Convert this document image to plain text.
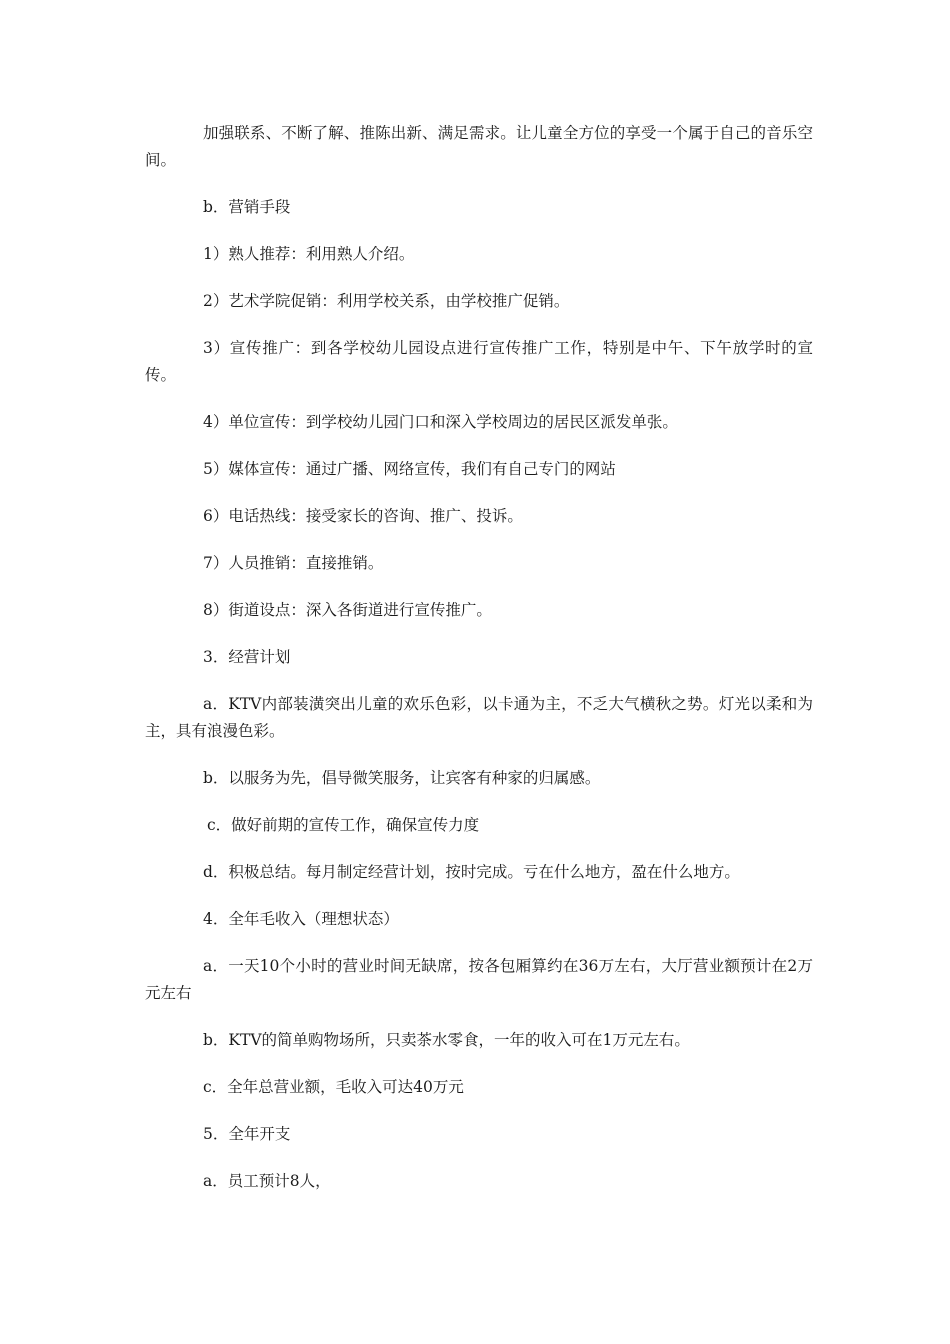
加强联系、不断了解、推陈出新、满足需求。让儿童全方位的享受一个属于自己的音乐空间。

b．营销手段

1）熟人推荐：利用熟人介绍。

2）艺术学院促销：利用学校关系，由学校推广促销。

3）宣传推广：到各学校幼儿园设点进行宣传推广工作，特别是中午、下午放学时的宣传。

4）单位宣传：到学校幼儿园门口和深入学校周边的居民区派发单张。

5）媒体宣传：通过广播、网络宣传，我们有自己专门的网站

6）电话热线：接受家长的咨询、推广、投诉。

7）人员推销：直接推销。

8）街道设点：深入各街道进行宣传推广。

3．经营计划

a．KTV内部装潢突出儿童的欢乐色彩，以卡通为主，不乏大气横秋之势。灯光以柔和为主，具有浪漫色彩。

b．以服务为先，倡导微笑服务，让宾客有种家的归属感。

c．做好前期的宣传工作，确保宣传力度

d．积极总结。每月制定经营计划，按时完成。亏在什么地方，盈在什么地方。

4．全年毛收入（理想状态）

a．一天10个小时的营业时间无缺席，按各包厢算约在36万左右，大厅营业额预计在2万元左右

b．KTV的简单购物场所，只卖茶水零食，一年的收入可在1万元左右。

c．全年总营业额，毛收入可达40万元

5．全年开支

a．员工预计8人，
